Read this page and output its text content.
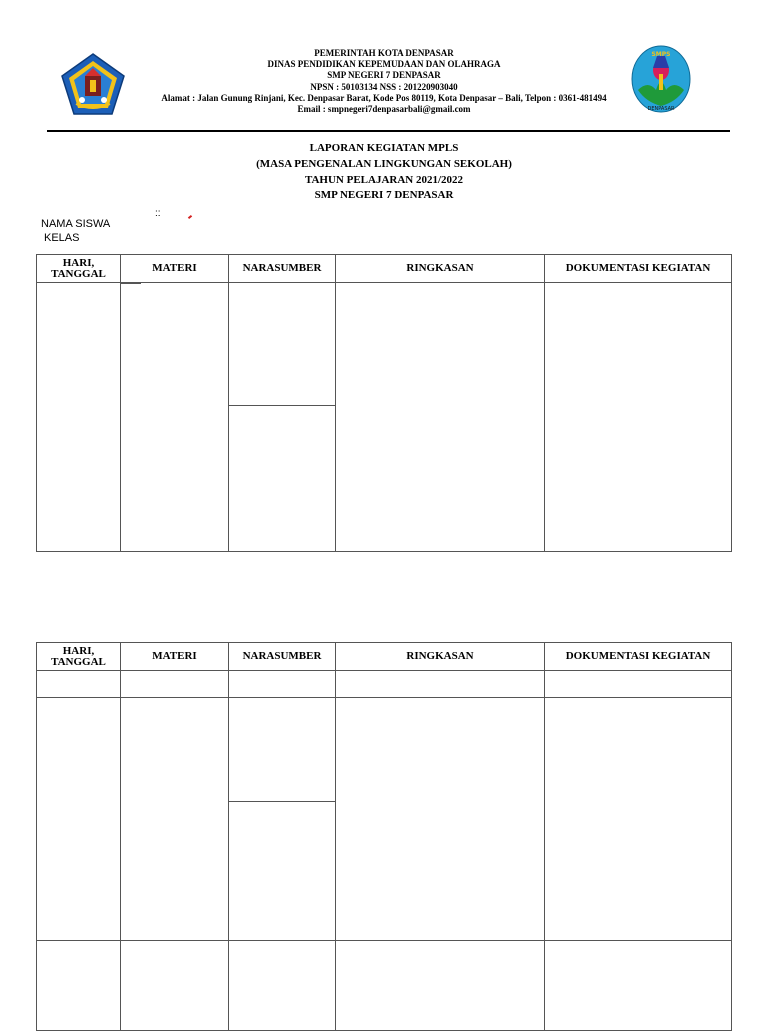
SMPS
DENPASAR
PEMERINTAH KOTA DENPASAR
DINAS PENDIDIKAN KEPEMUDAAN DAN OLAHRAGA
SMP NEGERI 7 DENPASAR
NPSN : 50103134 NSS : 201220903040
Alamat : Jalan Gunung Rinjani, Kec. Denpasar Barat, Kode Pos 80119, Kota Denpasar – Bali, Telpon : 0361-481494
Email : smpnegeri7denpasarbali@gmail.com
LAPORAN KEGIATAN MPLS
(MASA PENGENALAN LINGKUNGAN SEKOLAH)
TAHUN PELAJARAN 2021/2022
SMP NEGERI 7 DENPASAR
::
NAMA SISWA
KELAS
HARI,
TANGGAL	MATERI	NARASUMBER	RINGKASAN	DOKUMENTASI KEGIATAN

HARI,
TANGGAL	MATERI	NARASUMBER	RINGKASAN	DOKUMENTASI KEGIATAN
